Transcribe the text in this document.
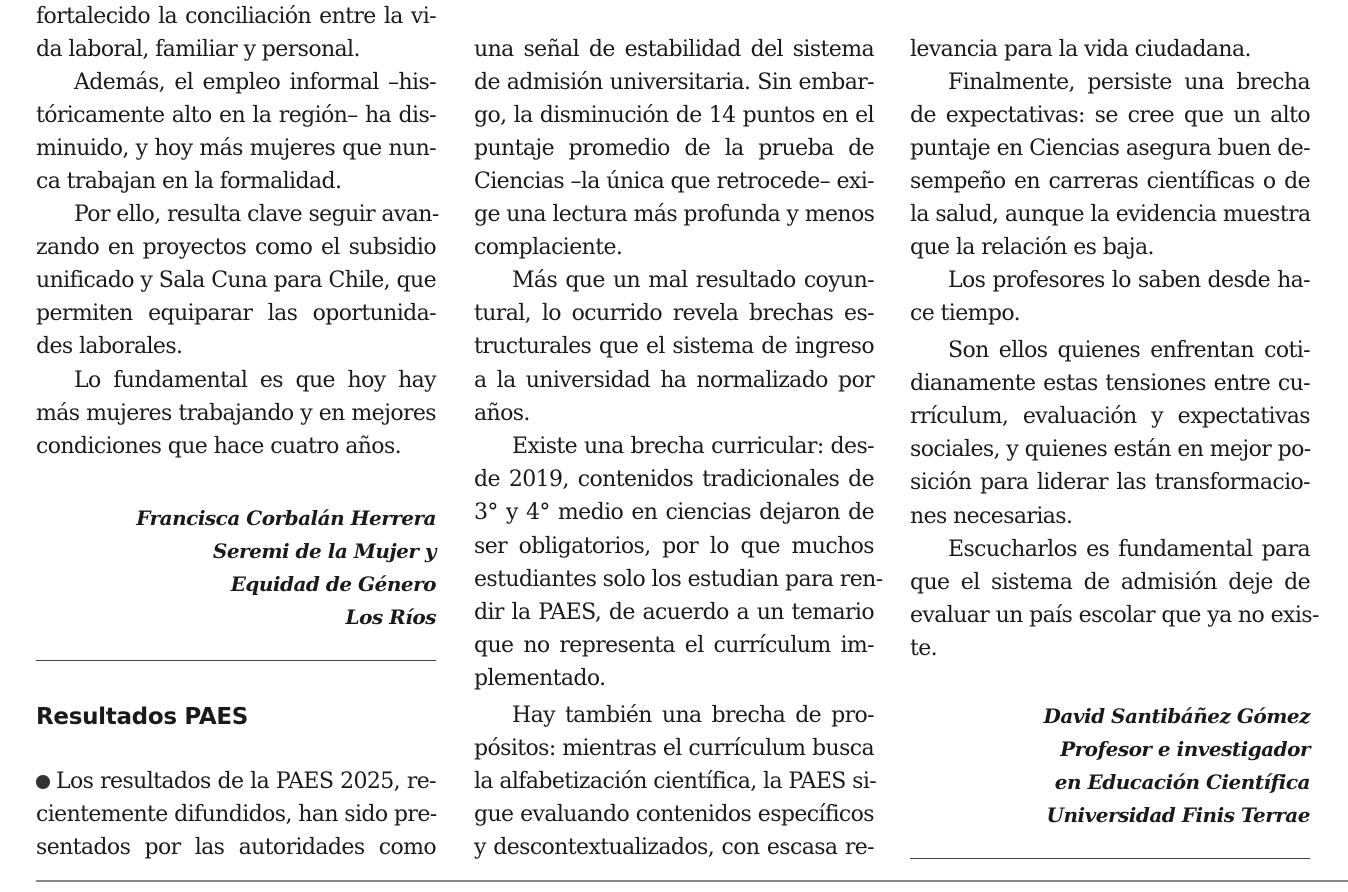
fortalecido la conciliación entre la vi-
da laboral, familiar y personal.
Además, el empleo informal –his-
tóricamente alto en la región– ha dis-
minuido, y hoy más mujeres que nun-
ca trabajan en la formalidad.
Por ello, resulta clave seguir avan-
zando en proyectos como el subsidio
unificado y Sala Cuna para Chile, que
permiten equiparar las oportunida-
des laborales.
Lo fundamental es que hoy hay
más mujeres trabajando y en mejores
condiciones que hace cuatro años.
Francisca Corbalán Herrera
Seremi de la Mujer y
Equidad de Género
Los Ríos
Resultados PAES
Los resultados de la PAES 2025, re-
cientemente difundidos, han sido pre-
sentados por las autoridades como
una señal de estabilidad del sistema
de admisión universitaria. Sin embar-
go, la disminución de 14 puntos en el
puntaje promedio de la prueba de
Ciencias –la única que retrocede– exi-
ge una lectura más profunda y menos
complaciente.
Más que un mal resultado coyun-
tural, lo ocurrido revela brechas es-
tructurales que el sistema de ingreso
a la universidad ha normalizado por
años.
Existe una brecha curricular: des-
de 2019, contenidos tradicionales de
3° y 4° medio en ciencias dejaron de
ser obligatorios, por lo que muchos
estudiantes solo los estudian para ren-
dir la PAES, de acuerdo a un temario
que no representa el currículum im-
plementado.
Hay también una brecha de pro-
pósitos: mientras el currículum busca
la alfabetización científica, la PAES si-
gue evaluando contenidos específicos
y descontextualizados, con escasa re-
levancia para la vida ciudadana.
Finalmente, persiste una brecha
de expectativas: se cree que un alto
puntaje en Ciencias asegura buen de-
sempeño en carreras científicas o de
la salud, aunque la evidencia muestra
que la relación es baja.
Los profesores lo saben desde ha-
ce tiempo.
Son ellos quienes enfrentan coti-
dianamente estas tensiones entre cu-
rrículum, evaluación y expectativas
sociales, y quienes están en mejor po-
sición para liderar las transformacio-
nes necesarias.
Escucharlos es fundamental para
que el sistema de admisión deje de
evaluar un país escolar que ya no exis-
te.
David Santibáñez Gómez
Profesor e investigador
en Educación Científica
Universidad Finis Terrae
